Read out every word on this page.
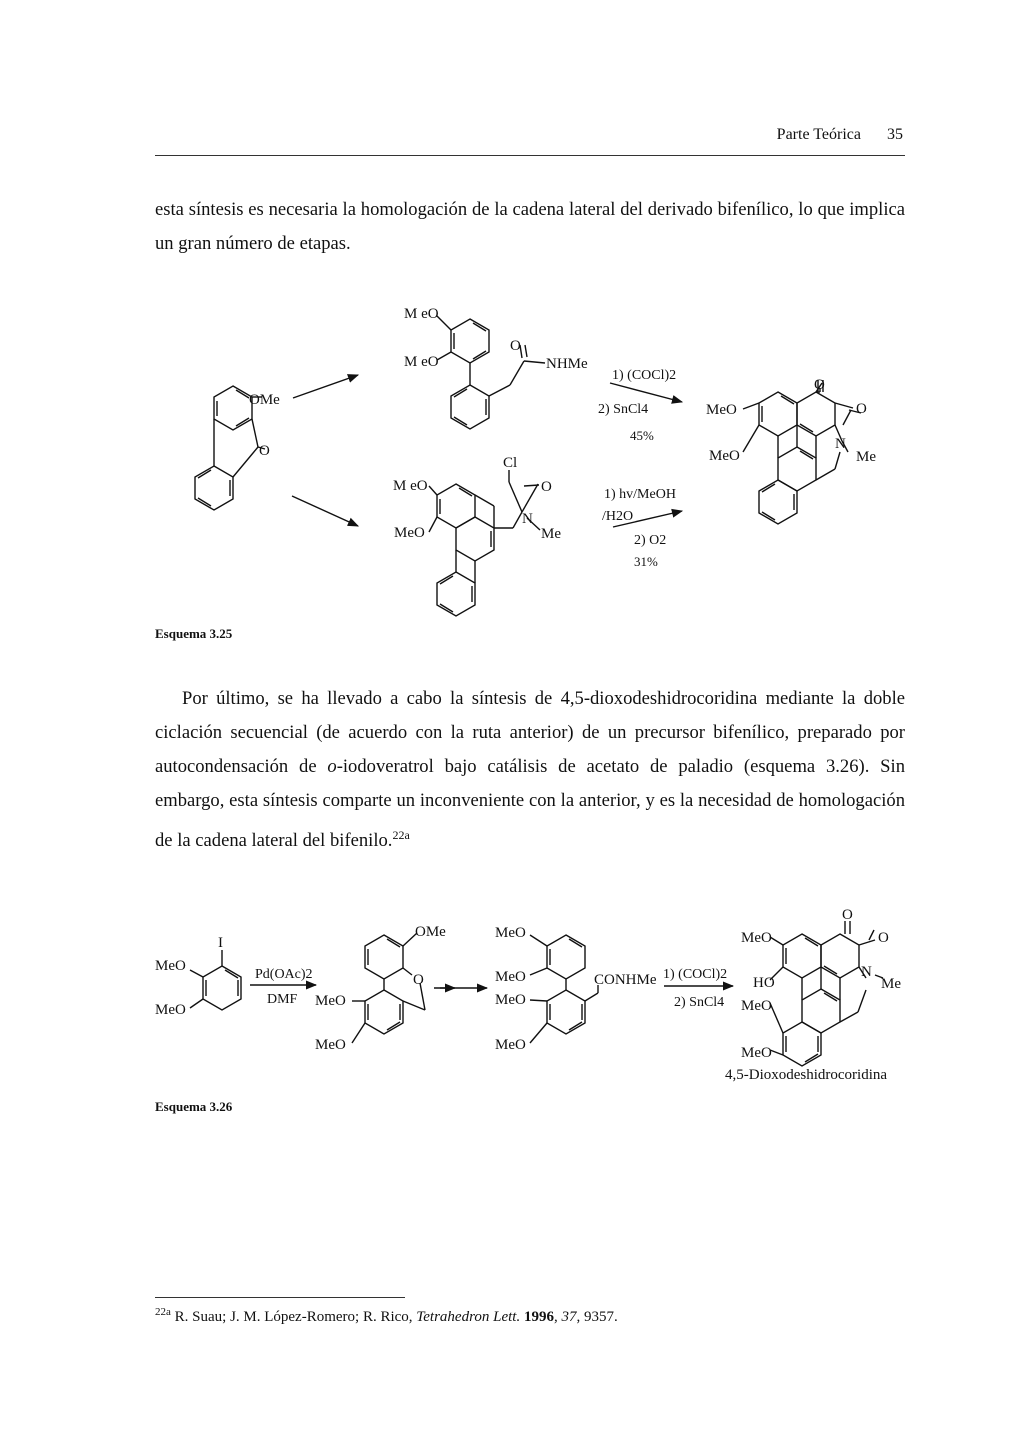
Parte Teórica 35
esta síntesis es necesaria la homologación de la cadena lateral del derivado bifenílico, lo que implica un gran número de etapas.
OMe
O
M eO
M eO
O
NHMe
1) (COCl)2
2) SnCl4
45%
Cl
O
M eO
MeO
N
Me
1) hv/MeOH
/H2O
2) O2
31%
O
O
MeO
MeO
N
Me
I
MeO
MeO
Pd(OAc)2
DMF
OMe
O
MeO
MeO
MeO
MeO
MeO
MeO
CONHMe 1) (COCl)2
2) SnCl4
O
O
MeO
HO
MeO
MeO
N
Me
4,5-Dioxodeshidrocoridina
Esquema 3.25
Por último, se ha llevado a cabo la síntesis de 4,5-dioxodeshidrocoridina mediante la doble ciclación secuencial (de acuerdo con la ruta anterior) de un precursor bifenílico, preparado por autocondensación de o-iodoveratrol bajo catálisis de acetato de paladio (esquema 3.26). Sin embargo, esta síntesis comparte un inconveniente con la anterior, y es la necesidad de homologación de la cadena lateral del bifenilo.$^{22a}$
Esquema 3.26
$^{22a}$ R. Suau; J. M. López-Romero; R. Rico, Tetrahedron Lett. 1996, 37, 9357.
